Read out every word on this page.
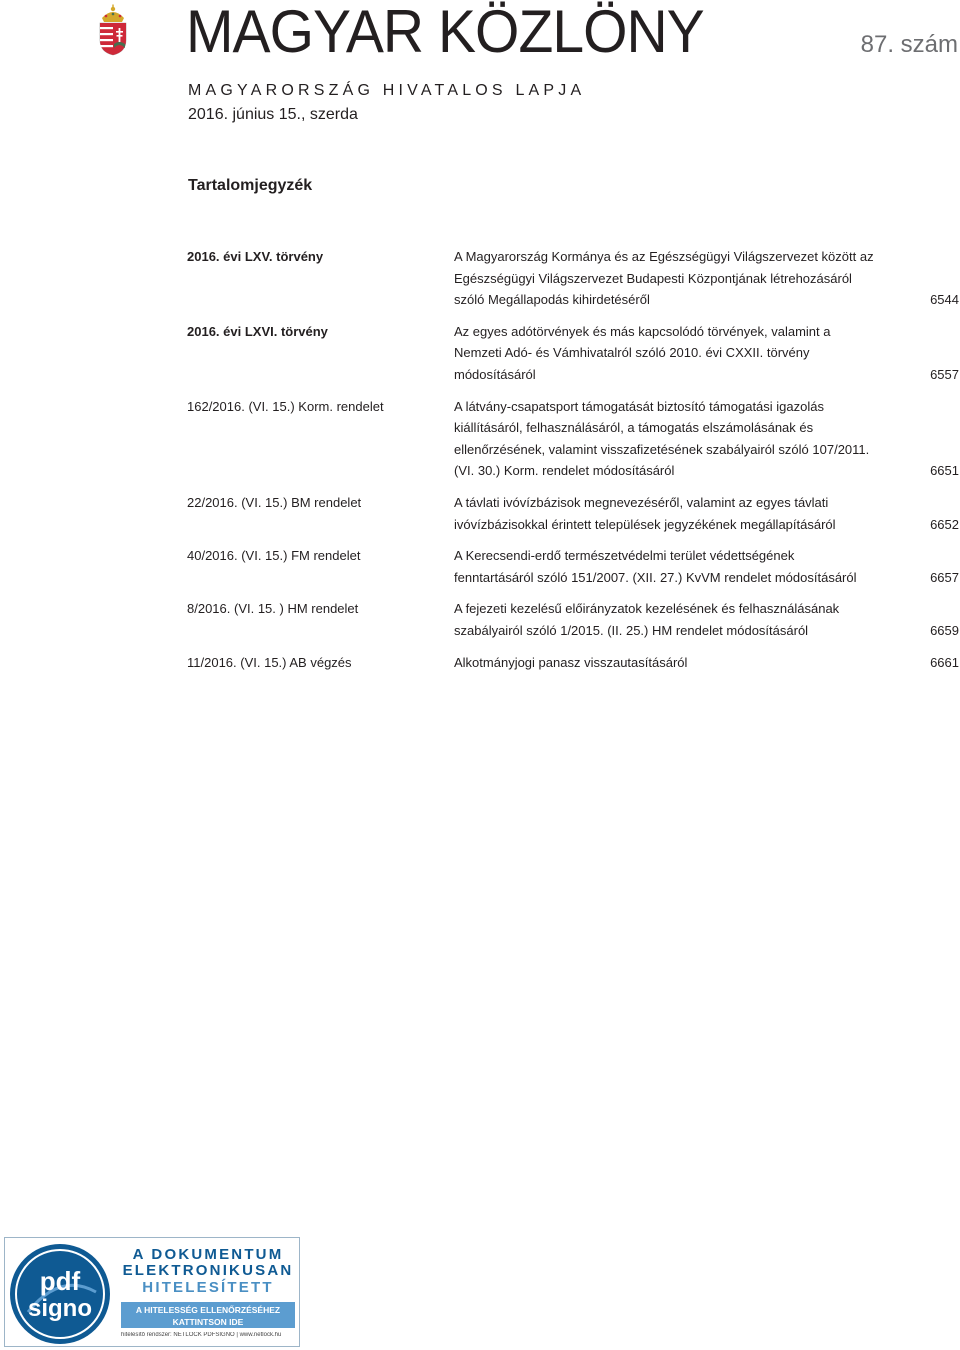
MAGYAR KÖZLÖNY	87. szám
MAGYARORSZÁG HIVATALOS LAPJA
2016. június 15., szerda
Tartalomjegyzék
2016. évi LXV. törvény	A Magyarország Kormánya és az Egészségügyi Világszervezet között az Egészségügyi Világszervezet Budapesti Központjának létrehozásáról szóló Megállapodás kihirdetéséről	6544
2016. évi LXVI. törvény	Az egyes adótörvények és más kapcsolódó törvények, valamint a Nemzeti Adó- és Vámhivatalról szóló 2010. évi CXXII. törvény módosításáról	6557
162/2016. (VI. 15.) Korm. rendelet	A látvány-csapatsport támogatását biztosító támogatási igazolás kiállításáról, felhasználásáról, a támogatás elszámolásának és ellenőrzésének, valamint visszafizetésének szabályairól szóló 107/2011. (VI. 30.) Korm. rendelet módosításáról	6651
22/2016. (VI. 15.) BM rendelet	A távlati ivóvízbázisok megnevezéséről, valamint az egyes távlati ivóvízbázisokkal érintett települések jegyzékének megállapításáról	6652
40/2016. (VI. 15.) FM rendelet	A Kerecsendi-erdő természetvédelmi terület védettségének fenntartásáról szóló 151/2007. (XII. 27.) KvVM rendelet módosításáról	6657
8/2016. (VI. 15. ) HM rendelet	A fejezeti kezelésű előirányzatok kezelésének és felhasználásának szabályairól szóló 1/2015. (II. 25.) HM rendelet módosításáról	6659
11/2016. (VI. 15.) AB végzés	Alkotmányjogi panasz visszautasításáról	6661
pdf
signo
A DOKUMENTUM
ELEKTRONIKUSAN
HITELESÍTETT
A HITELESSÉG ELLENŐRZÉSÉHEZ
KATTINTSON IDE
hitelesítő rendszer: NETLOCK PDFSIGNO | www.netlock.hu
